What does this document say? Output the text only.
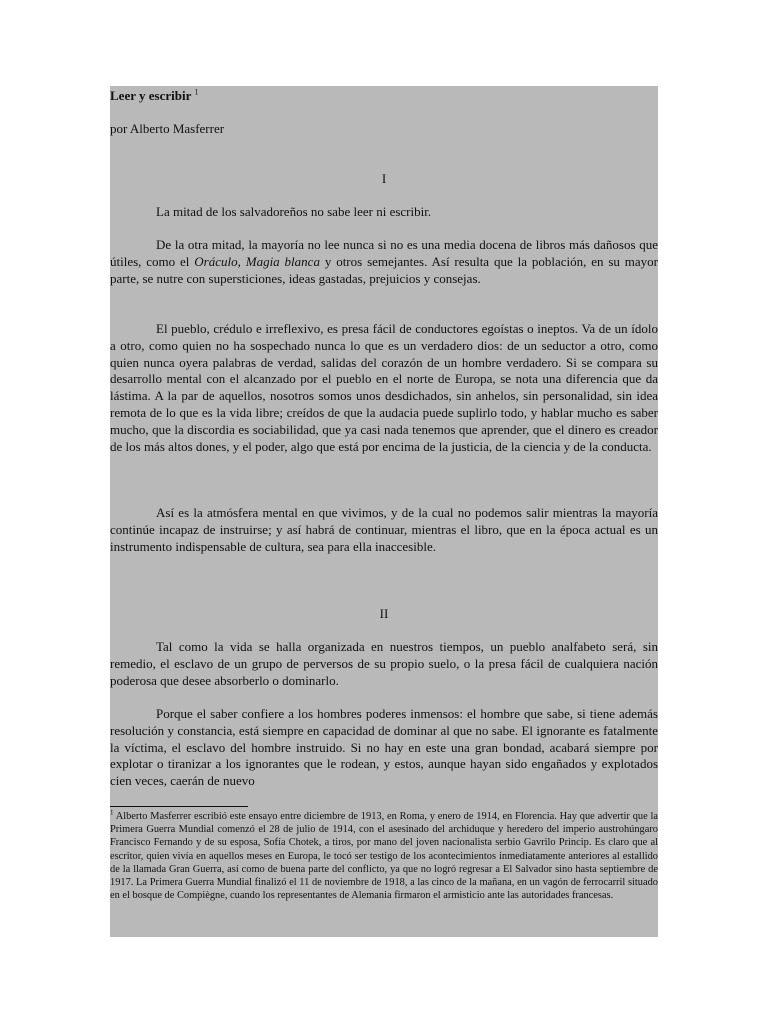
Leer y escribir $^1$
por Alberto Masferrer
I

La mitad de los salvadoreños no sabe leer ni escribir.

De la otra mitad, la mayoría no lee nunca si no es una media docena de libros más dañosos que útiles, como el Oráculo, Magia blanca y otros semejantes. Así resulta que la población, en su mayor parte, se nutre con supersticiones, ideas gastadas, prejuicios y consejas.

El pueblo, crédulo e irreflexivo, es presa fácil de conductores egoístas o ineptos. Va de un ídolo a otro, como quien no ha sospechado nunca lo que es un verdadero dios: de un seductor a otro, como quien nunca oyera palabras de verdad, salidas del corazón de un hombre verdadero. Si se compara su desarrollo mental con el alcanzado por el pueblo en el norte de Europa, se nota una diferencia que da lástima. A la par de aquellos, nosotros somos unos desdichados, sin anhelos, sin personalidad, sin idea remota de lo que es la vida libre; creídos de que la audacia puede suplirlo todo, y hablar mucho es saber mucho, que la discordia es sociabilidad, que ya casi nada tenemos que aprender, que el dinero es creador de los más altos dones, y el poder, algo que está por encima de la justicia, de la ciencia y de la conducta.

Así es la atmósfera mental en que vivimos, y de la cual no podemos salir mientras la mayoría continúe incapaz de instruirse; y así habrá de continuar, mientras el libro, que en la época actual es un instrumento indispensable de cultura, sea para ella inaccesible.

II

Tal como la vida se halla organizada en nuestros tiempos, un pueblo analfabeto será, sin remedio, el esclavo de un grupo de perversos de su propio suelo, o la presa fácil de cualquiera nación poderosa que desee absorberlo o dominarlo.

Porque el saber confiere a los hombres poderes inmensos: el hombre que sabe, si tiene además resolución y constancia, está siempre en capacidad de dominar al que no sabe. El ignorante es fatalmente la víctima, el esclavo del hombre instruido. Si no hay en este una gran bondad, acabará siempre por explotar o tiranizar a los ignorantes que le rodean, y estos, aunque hayan sido engañados y explotados cien veces, caerán de nuevo

$^1$ Alberto Masferrer escribió este ensayo entre diciembre de 1913, en Roma, y enero de 1914, en Florencia. Hay que advertir que la Primera Guerra Mundial comenzó el 28 de julio de 1914, con el asesinado del archiduque y heredero del imperio austrohúngaro Francisco Fernando y de su esposa, Sofía Chotek, a tiros, por mano del joven nacionalista serbio Gavrilo Princip. Es claro que al escritor, quien vivía en aquellos meses en Europa, le tocó ser testigo de los acontecimientos inmediatamente anteriores al estallido de la llamada Gran Guerra, así como de buena parte del conflicto, ya que no logró regresar a El Salvador sino hasta septiembre de 1917. La Primera Guerra Mundial finalizó el 11 de noviembre de 1918, a las cinco de la mañana, en un vagón de ferrocarril situado en el bosque de Compiègne, cuando los representantes de Alemania firmaron el armisticio ante las autoridades francesas.
